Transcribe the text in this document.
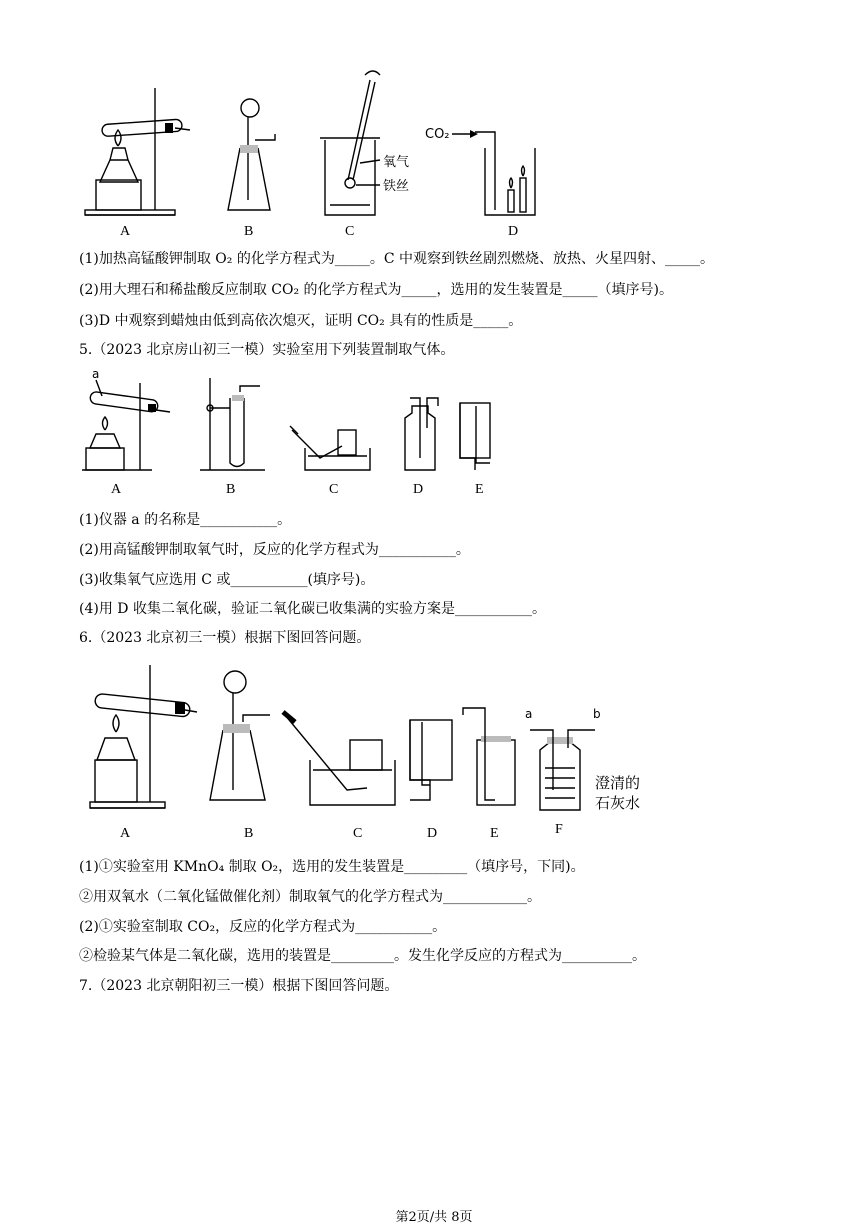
氧气
铁丝
CO₂
A	B	C	D
(1)加热高锰酸钾制取 O₂ 的化学方程式为_____。C 中观察到铁丝剧烈燃烧、放热、火星四射、_____。
(2)用大理石和稀盐酸反应制取 CO₂ 的化学方程式为_____，选用的发生装置是_____（填序号)。
(3)D 中观察到蜡烛由低到高依次熄灭，证明 CO₂ 具有的性质是_____。
5.（2023 北京房山初三一模）实验室用下列装置制取气体。
a
A	B	C	D	E
(1)仪器 a 的名称是___________。
(2)用高锰酸钾制取氧气时，反应的化学方程式为___________。
(3)收集氧气应选用 C 或___________(填序号)。
(4)用 D 收集二氧化碳，验证二氧化碳已收集满的实验方案是___________。
6.（2023 北京初三一模）根据下图回答问题。
a	b
澄清的
石灰水
A	B	C	D	E	F
(1)①实验室用 KMnO₄ 制取 O₂，选用的发生装置是_________（填序号，下同)。
②用双氧水（二氧化锰做催化剂）制取氧气的化学方程式为____________。
(2)①实验室制取 CO₂，反应的化学方程式为___________。
②检验某气体是二氧化碳，选用的装置是_________。发生化学反应的方程式为__________。
7.（2023 北京朝阳初三一模）根据下图回答问题。
第2页/共 8页
